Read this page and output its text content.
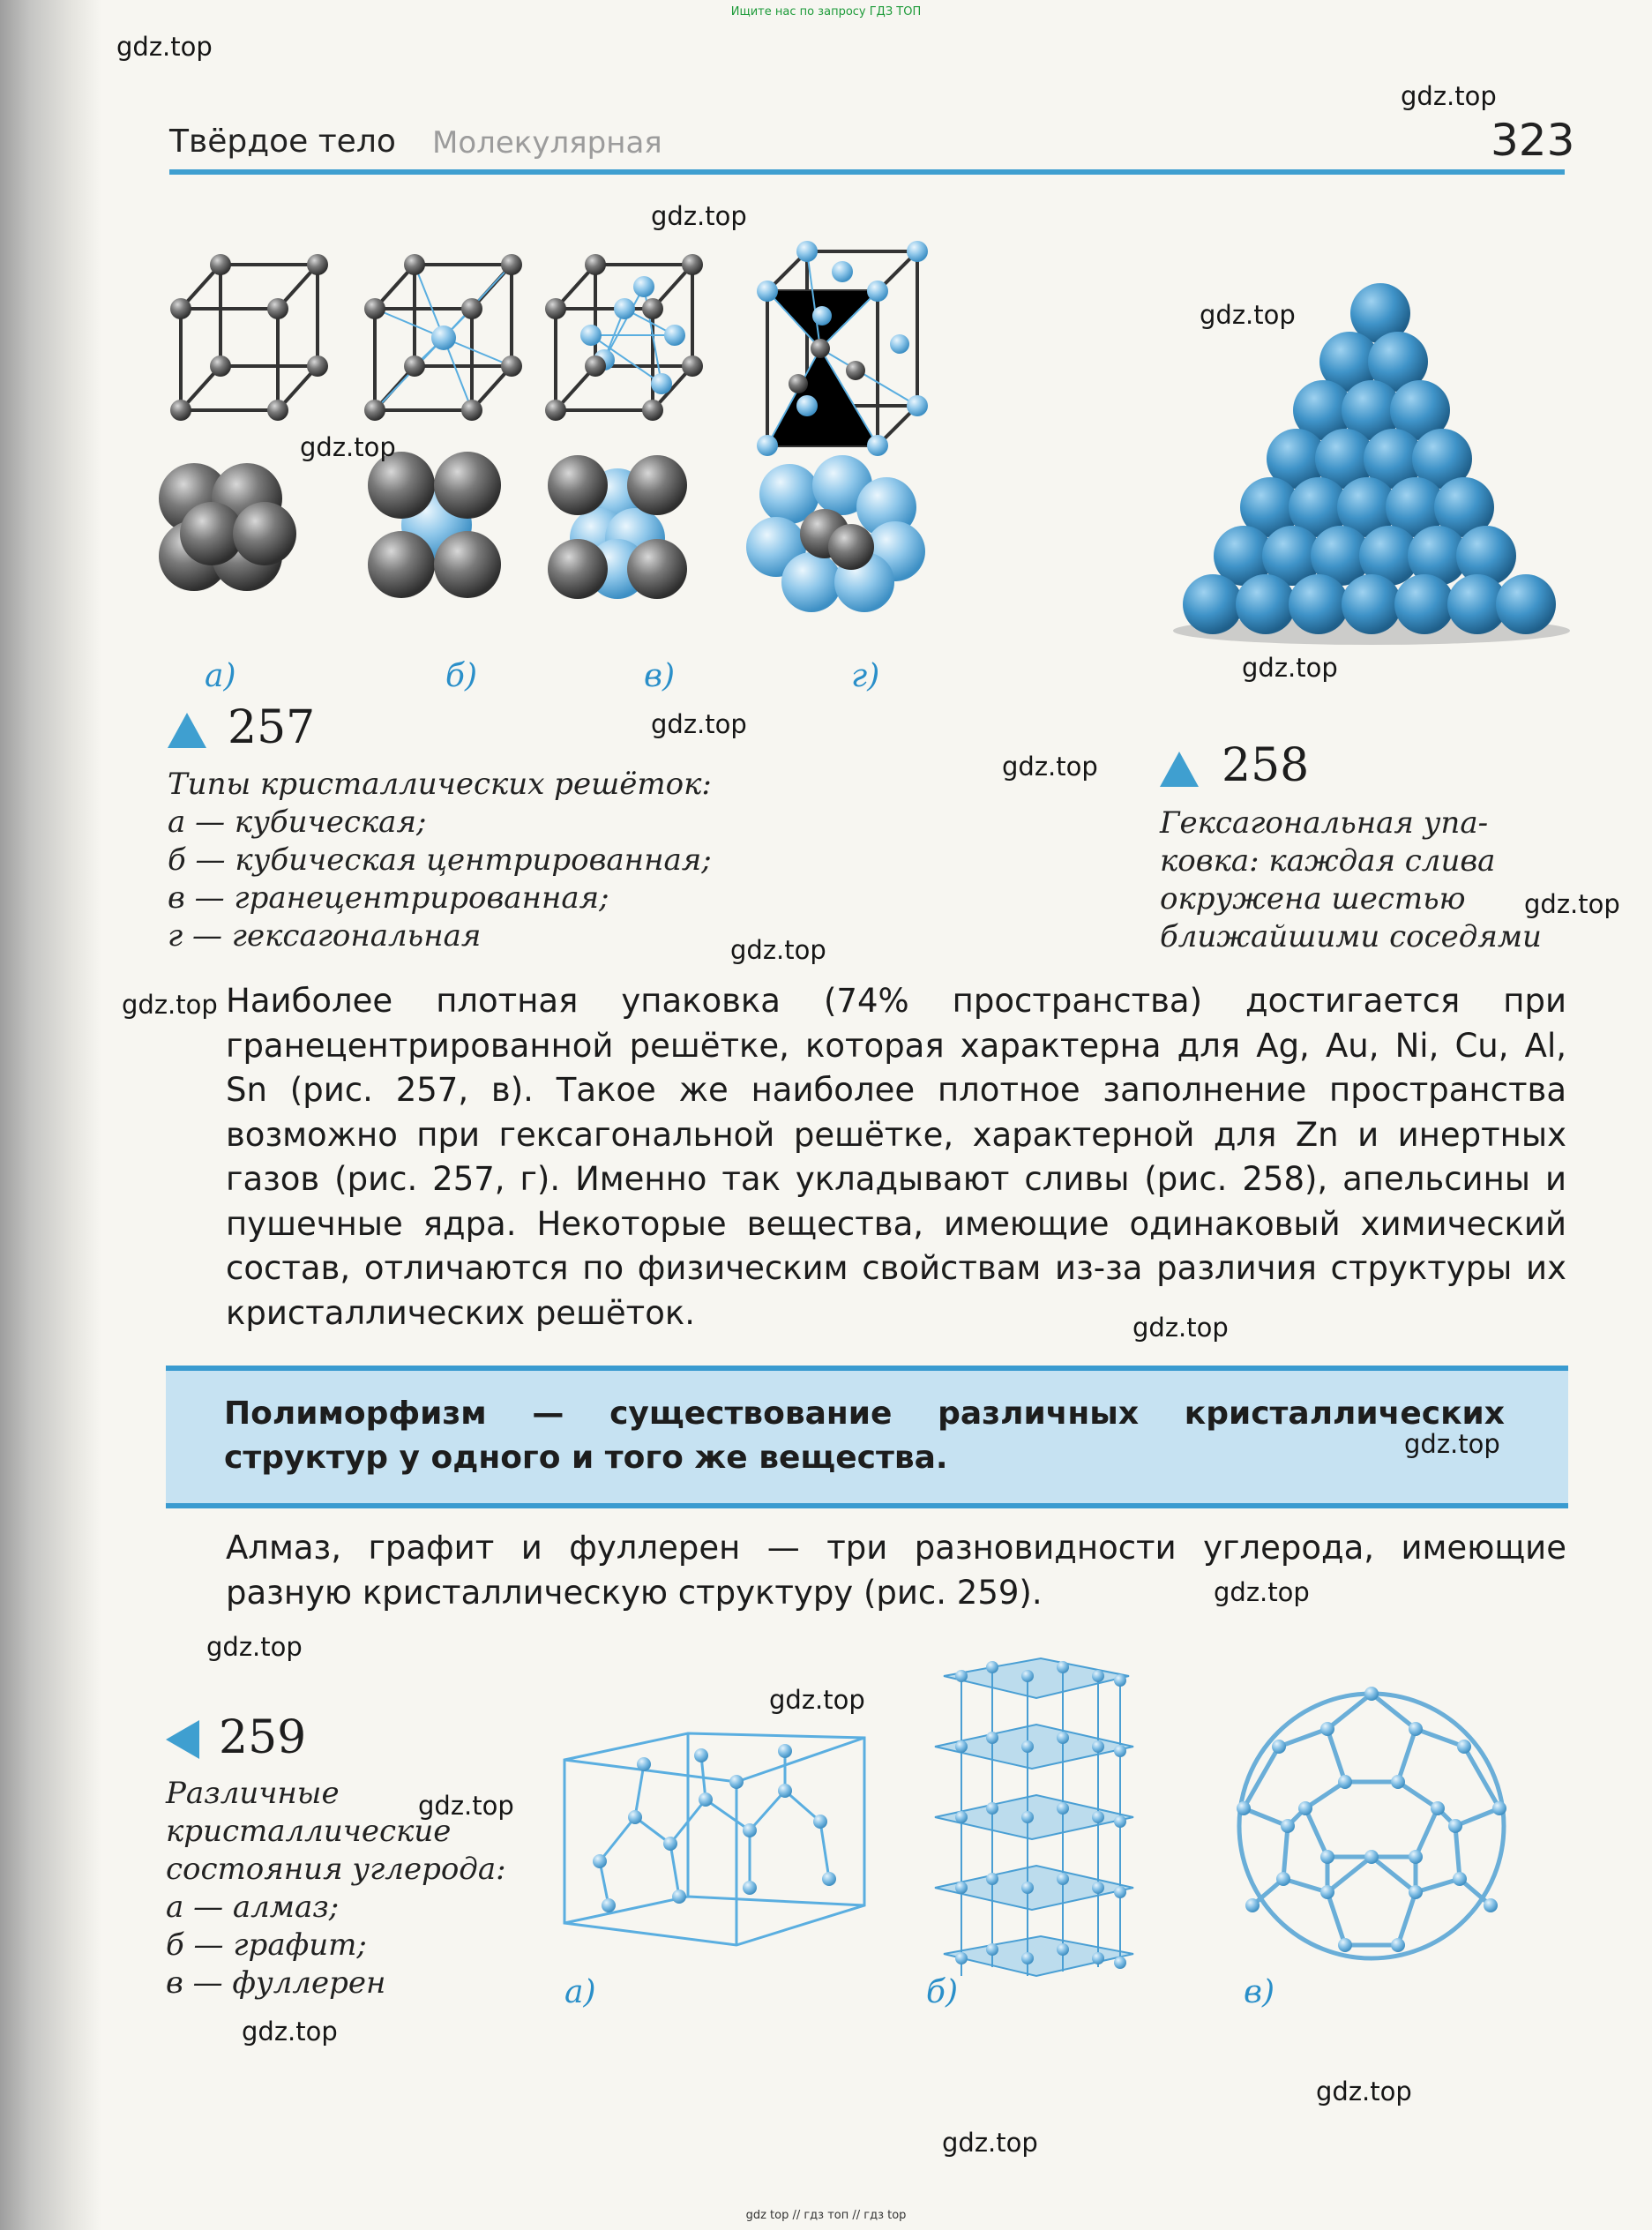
Ищите нас по запросу ГДЗ ТОП
Молекулярная
Твёрдое тело	323
а)	б)	в)	г)
257
Типы кристаллических решёток:
а — кубическая;
б — кубическая центрированная;
в — гранецентрированная;
г — гексагональная
258
Гексагональная упа-
ковка: каждая слива
окружена шестью
ближайшими соседями

Наиболее плотная упаковка (74% пространства) достигается при гранецентрированной решётке, которая характерна для Ag, Au, Ni, Cu, Al, Sn (рис. 257, в). Такое же наиболее плотное заполнение пространства возможно при гексагональной решётке, характерной для Zn и инертных газов (рис. 257, г). Именно так укладывают сливы (рис. 258), апельсины и пушечные ядра. Некоторые вещества, имеющие одинаковый химический состав, отличаются по физическим свойствам из-за различия структуры их кристаллических решёток.

Полиморфизм — существование различных кристаллических структур у одного и того же вещества.
Алмаз, графит и фуллерен — три разновидности углерода, имеющие разную кристаллическую структуру (рис. 259).
259
Различные
кристаллические
состояния углерода:
а — алмаз;
б — графит;
в — фуллерен	а)	б)	в)
gdz.top
gdz.top
gdz.top
gdz.top
gdz.top
gdz.top
gdz.top
gdz.top
gdz.top
gdz.top
gdz.top
gdz.top
gdz.top
gdz.top
gdz.top
gdz.top
gdz.top
gdz.top
gdz.top
gdz.top
gdz top // гдз топ // гдз top
